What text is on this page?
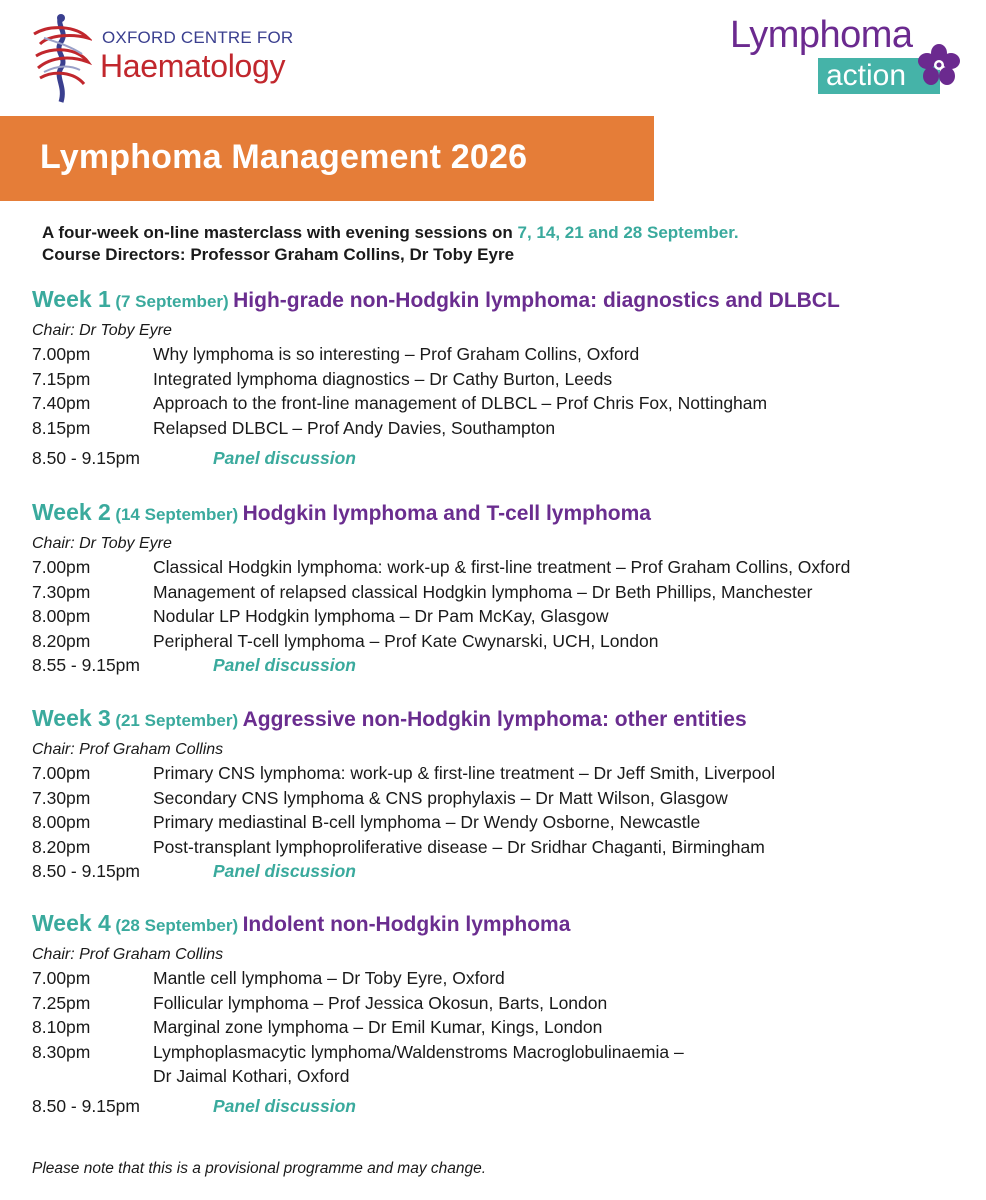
OXFORD CENTRE FOR
Haematology
Lymphoma
action
Lymphoma Management 2026
A four-week on-line masterclass with evening sessions on 7, 14, 21 and 28 September.
Course Directors: Professor Graham Collins, Dr Toby Eyre
Week 1 (7 September) High-grade non-Hodgkin lymphoma: diagnostics and DLBCL
Chair: Dr Toby Eyre
7.00pm	Why lymphoma is so interesting – Prof Graham Collins, Oxford
7.15pm	Integrated lymphoma diagnostics – Dr Cathy Burton, Leeds
7.40pm	Approach to the front-line management of DLBCL – Prof Chris Fox, Nottingham
8.15pm	Relapsed DLBCL – Prof Andy Davies, Southampton
8.50 - 9.15pm	Panel discussion
Week 2 (14 September) Hodgkin lymphoma and T-cell lymphoma
Chair: Dr Toby Eyre
7.00pm	Classical Hodgkin lymphoma: work-up & first-line treatment – Prof Graham Collins, Oxford
7.30pm	Management of relapsed classical Hodgkin lymphoma – Dr Beth Phillips, Manchester
8.00pm	Nodular LP Hodgkin lymphoma – Dr Pam McKay, Glasgow
8.20pm	Peripheral T-cell lymphoma – Prof Kate Cwynarski, UCH, London
8.55 - 9.15pm	Panel discussion
Week 3 (21 September) Aggressive non-Hodgkin lymphoma: other entities
Chair: Prof Graham Collins
7.00pm	Primary CNS lymphoma: work-up & first-line treatment – Dr Jeff Smith, Liverpool
7.30pm	Secondary CNS lymphoma & CNS prophylaxis – Dr Matt Wilson, Glasgow
8.00pm	Primary mediastinal B-cell lymphoma – Dr Wendy Osborne, Newcastle
8.20pm	Post-transplant lymphoproliferative disease – Dr Sridhar Chaganti, Birmingham
8.50 - 9.15pm	Panel discussion
Week 4 (28 September) Indolent non-Hodgkin lymphoma
Chair: Prof Graham Collins
7.00pm	Mantle cell lymphoma – Dr Toby Eyre, Oxford
7.25pm	Follicular lymphoma – Prof Jessica Okosun, Barts, London
8.10pm	Marginal zone lymphoma – Dr Emil Kumar, Kings, London
8.30pm	Lymphoplasmacytic lymphoma/Waldenstroms Macroglobulinaemia –
Dr Jaimal Kothari, Oxford
8.50 - 9.15pm	Panel discussion
Please note that this is a provisional programme and may change.
